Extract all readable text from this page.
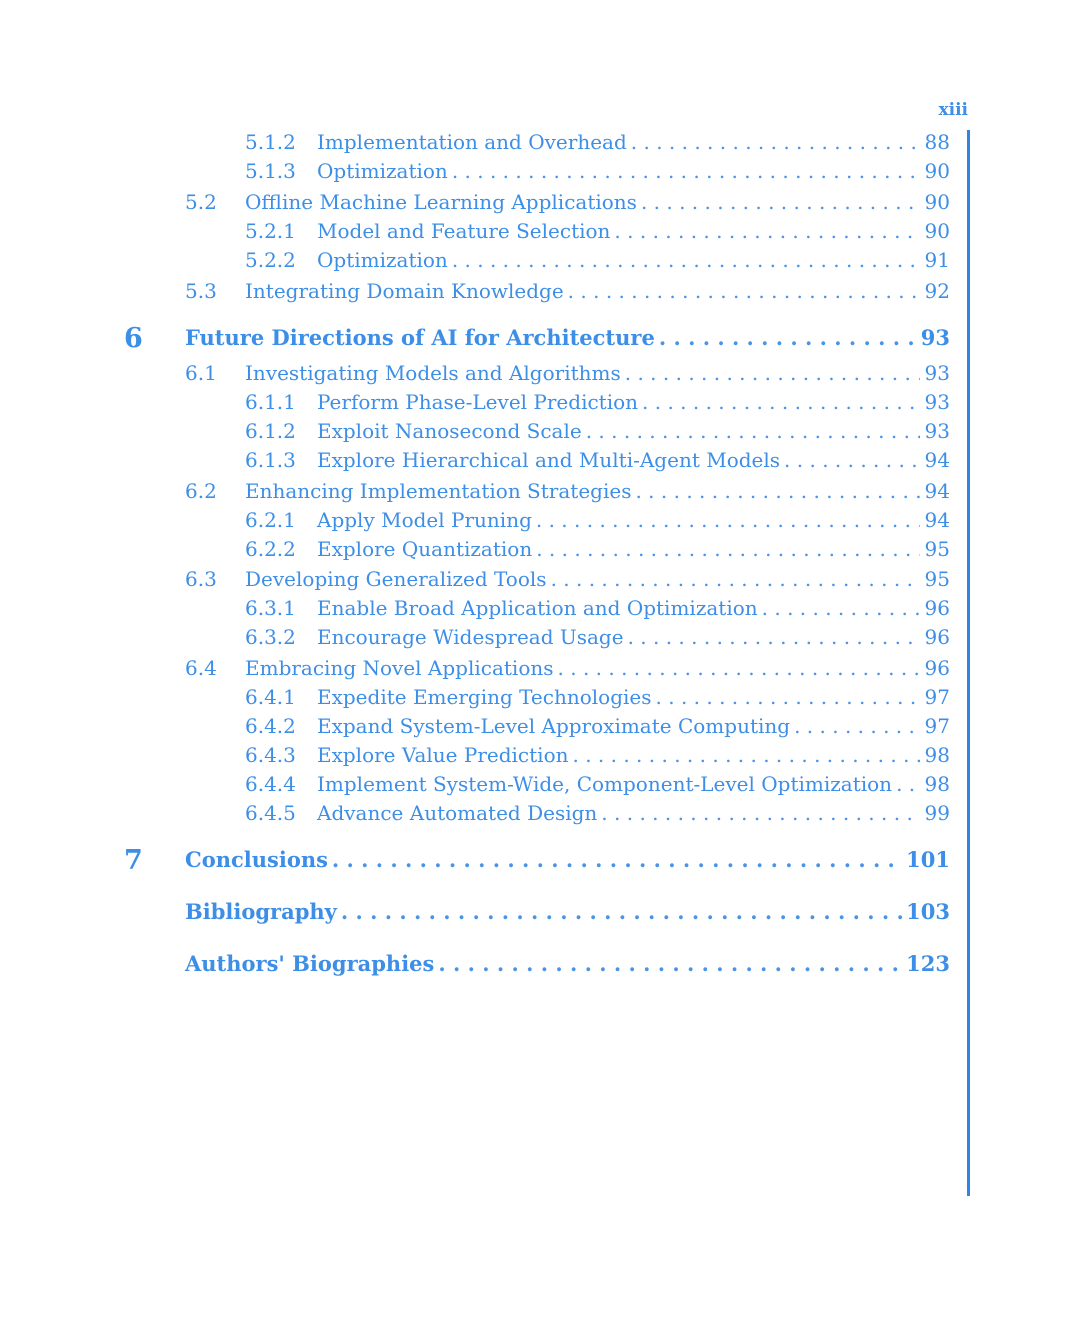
xiii
5.1.2 Implementation and Overhead . . .	88
5.1.3 Optimization . . .	90
5.2 Offline Machine Learning Applications . . .	90
5.2.1 Model and Feature Selection . . .	90
5.2.2 Optimization . . .	91
5.3 Integrating Domain Knowledge . . .	92
6 Future Directions of AI for Architecture . . .	93
6.1 Investigating Models and Algorithms . . .	93
6.1.1 Perform Phase-Level Prediction . . .	93
6.1.2 Exploit Nanosecond Scale . . .	93
6.1.3 Explore Hierarchical and Multi-Agent Models . . .	94
6.2 Enhancing Implementation Strategies . . .	94
6.2.1 Apply Model Pruning . . .	94
6.2.2 Explore Quantization . . .	95
6.3 Developing Generalized Tools . . .	95
6.3.1 Enable Broad Application and Optimization . . .	96
6.3.2 Encourage Widespread Usage . . .	96
6.4 Embracing Novel Applications . . .	96
6.4.1 Expedite Emerging Technologies . . .	97
6.4.2 Expand System-Level Approximate Computing . . .	97
6.4.3 Explore Value Prediction . . .	98
6.4.4 Implement System-Wide, Component-Level Optimization . . . 98
6.4.5 Advance Automated Design . . .	99
7 Conclusions . . .	101
Bibliography . . .	103
Authors' Biographies . . .	123
